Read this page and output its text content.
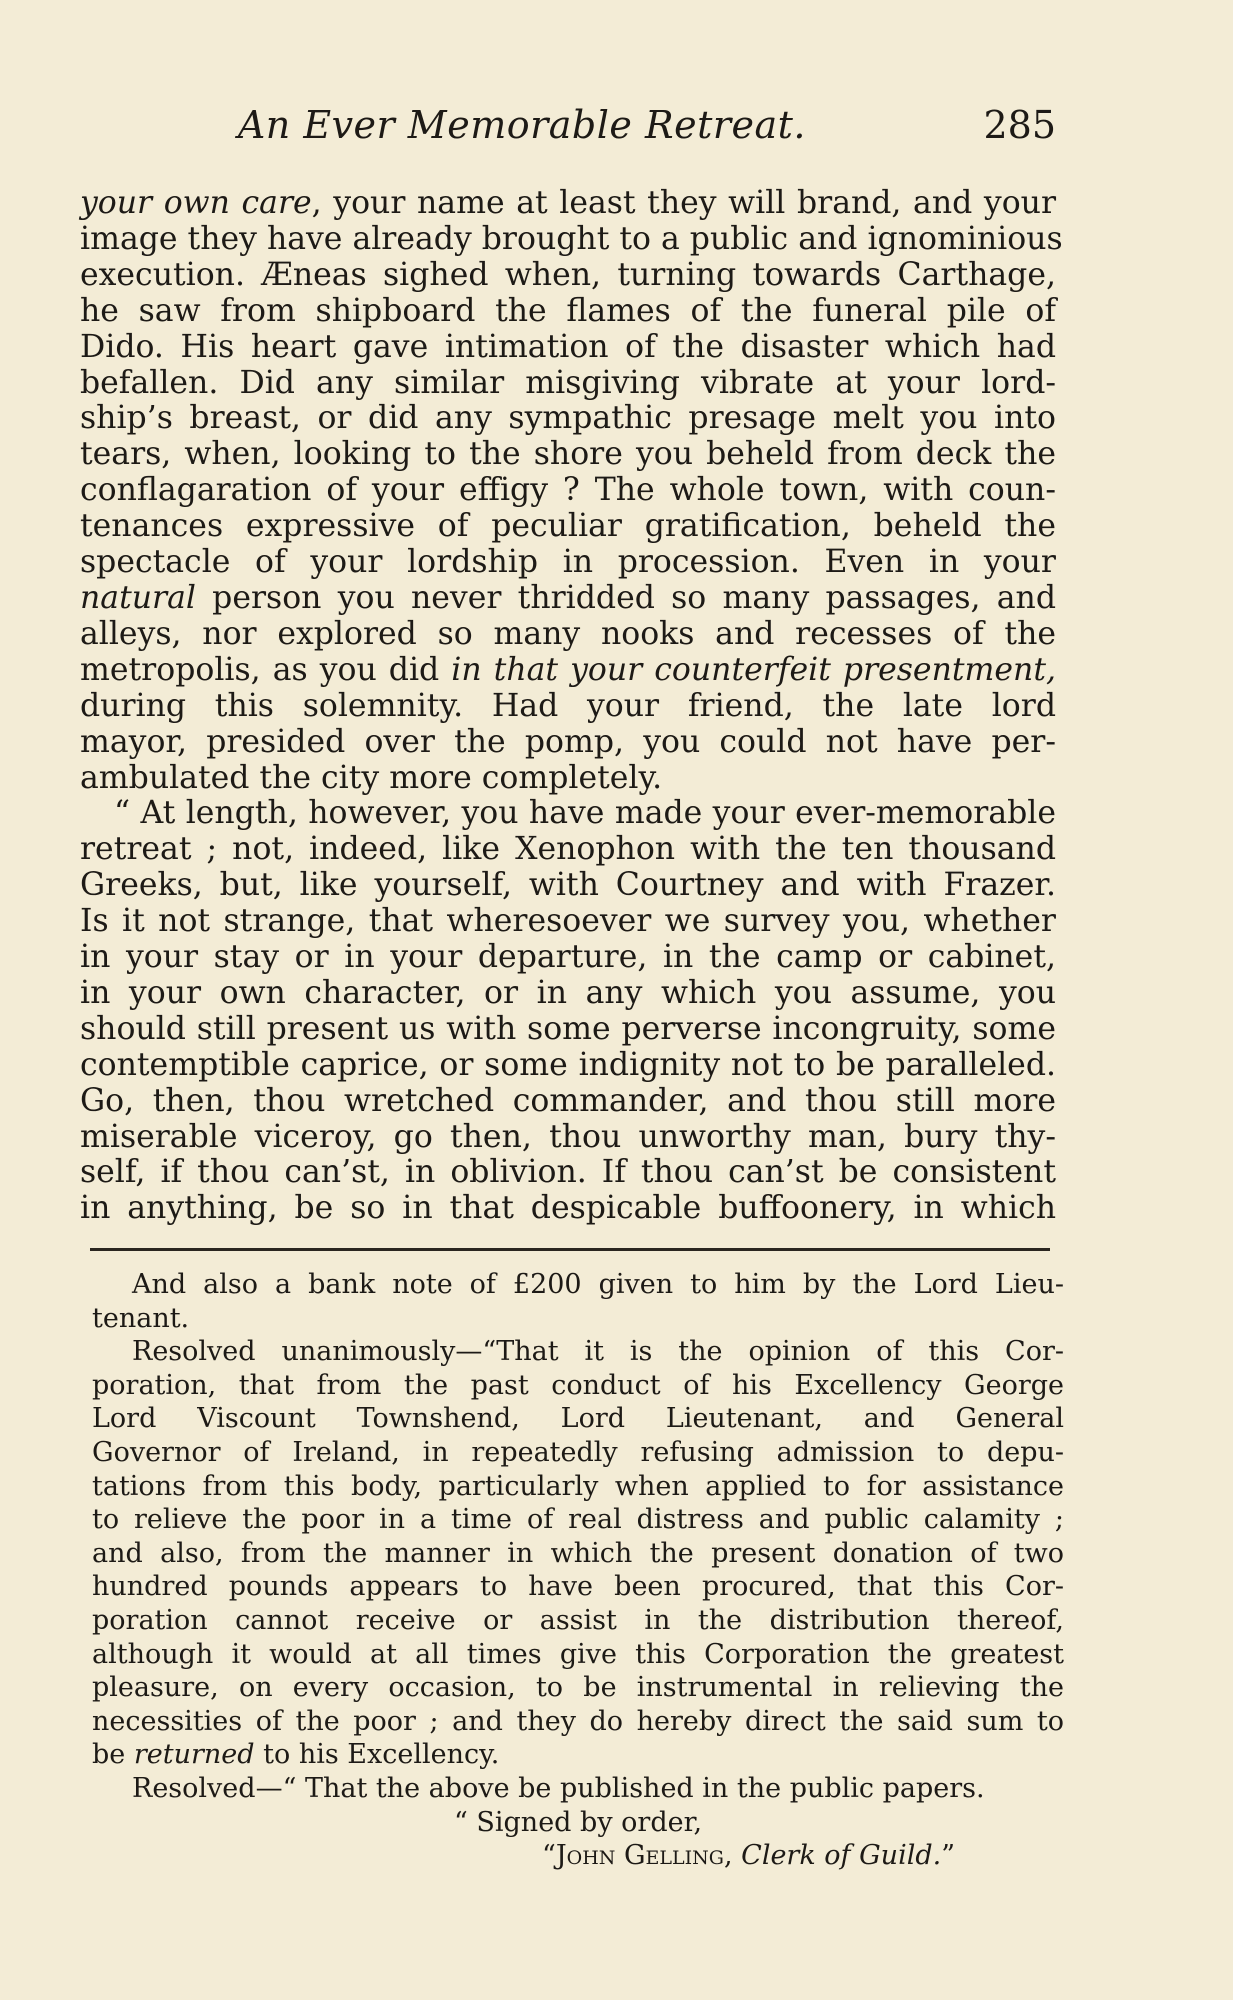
An Ever Memorable Retreat.	285
your own care, your name at least they will brand, and your
image they have already brought to a public and ignominious
execution. Æneas sighed when, turning towards Carthage,
he saw from shipboard the flames of the funeral pile of
Dido. His heart gave intimation of the disaster which had
befallen. Did any similar misgiving vibrate at your lord-
ship’s breast, or did any sympathic presage melt you into
tears, when, looking to the shore you beheld from deck the
conflagaration of your effigy ? The whole town, with coun-
tenances expressive of peculiar gratification, beheld the
spectacle of your lordship in procession. Even in your
natural person you never thridded so many passages, and
alleys, nor explored so many nooks and recesses of the
metropolis, as you did in that your counterfeit presentment,
during this solemnity. Had your friend, the late lord
mayor, presided over the pomp, you could not have per-
ambulated the city more completely.
“ At length, however, you have made your ever-memorable
retreat ; not, indeed, like Xenophon with the ten thousand
Greeks, but, like yourself, with Courtney and with Frazer.
Is it not strange, that wheresoever we survey you, whether
in your stay or in your departure, in the camp or cabinet,
in your own character, or in any which you assume, you
should still present us with some perverse incongruity, some
contemptible caprice, or some indignity not to be paralleled.
Go, then, thou wretched commander, and thou still more
miserable viceroy, go then, thou unworthy man, bury thy-
self, if thou can’st, in oblivion. If thou can’st be consistent
in anything, be so in that despicable buffoonery, in which
And also a bank note of £200 given to him by the Lord Lieu-
tenant.
Resolved unanimously—“That it is the opinion of this Cor-
poration, that from the past conduct of his Excellency George
Lord Viscount Townshend, Lord Lieutenant, and General
Governor of Ireland, in repeatedly refusing admission to depu-
tations from this body, particularly when applied to for assistance
to relieve the poor in a time of real distress and public calamity ;
and also, from the manner in which the present donation of two
hundred pounds appears to have been procured, that this Cor-
poration cannot receive or assist in the distribution thereof,
although it would at all times give this Corporation the greatest
pleasure, on every occasion, to be instrumental in relieving the
necessities of the poor ; and they do hereby direct the said sum to
be returned to his Excellency.
Resolved—“ That the above be published in the public papers.
“ Signed by order,
“John Gelling, Clerk of Guild.”
